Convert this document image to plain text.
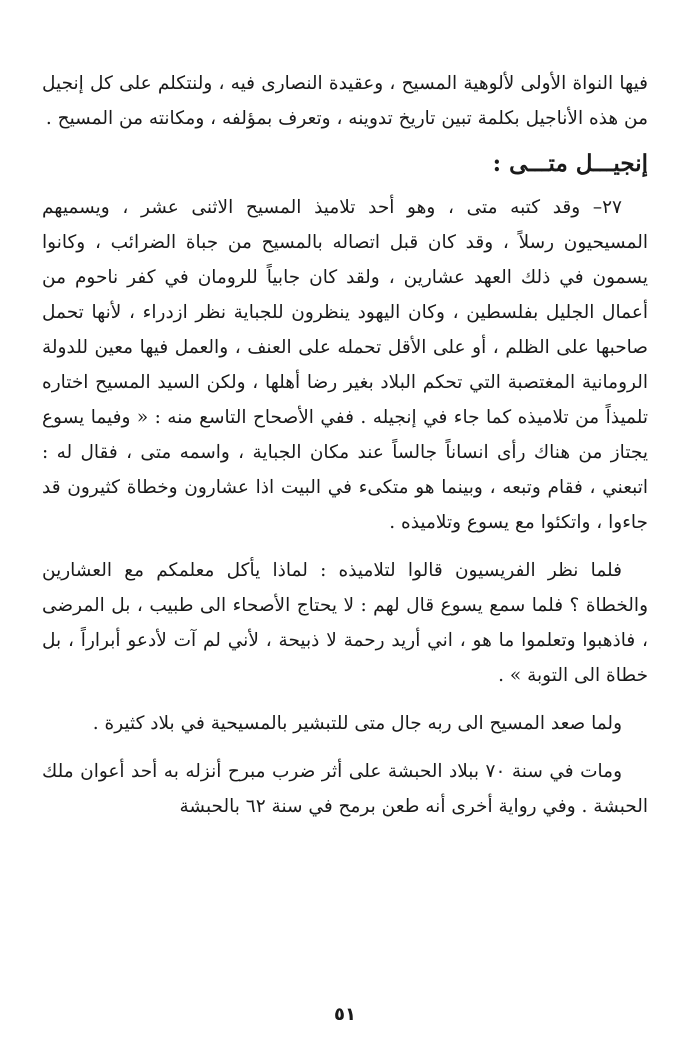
فيها النواة الأولى لألوهية المسيح ، وعقيدة النصارى فيه ، ولنتكلم على كل إنجيل من هذه الأناجيل بكلمة تبين تاريخ تدوينه ، وتعرف بمؤلفه ، ومكانته من المسيح .

إنجيـــل متـــى :

٢٧– وقد كتبه متى ، وهو أحد تلاميذ المسيح الاثنى عشر ، ويسميهم المسيحيون رسلاً ، وقد كان قبل اتصاله بالمسيح من جباة الضرائب ، وكانوا يسمون في ذلك العهد عشارين ، ولقد كان جابياً للرومان في كفر ناحوم من أعمال الجليل بفلسطين ، وكان اليهود ينظرون للجباية نظر ازدراء ، لأنها تحمل صاحبها على الظلم ، أو على الأقل تحمله على العنف ، والعمل فيها معين للدولة الرومانية المغتصبة التي تحكم البلاد بغير رضا أهلها ، ولكن السيد المسيح اختاره تلميذاً من تلاميذه كما جاء في إنجيله . ففي الأصحاح التاسع منه : « وفيما يسوع يجتاز من هناك رأى انساناً جالساً عند مكان الجباية ، واسمه متى ، فقال له : اتبعني ، فقام وتبعه ، وبينما هو متكىء في البيت اذا عشارون وخطاة كثيرون قد جاءوا ، واتكئوا مع يسوع وتلاميذه .

فلما نظر الفريسيون قالوا لتلاميذه : لماذا يأكل معلمكم مع العشارين والخطاة ؟ فلما سمع يسوع قال لهم : لا يحتاج الأصحاء الى طبيب ، بل المرضى ، فاذهبوا وتعلموا ما هو ، اني أريد رحمة لا ذبيحة ، لأني لم آت لأدعو أبراراً ، بل خطاة الى التوبة » .

ولما صعد المسيح الى ربه جال متى للتبشير بالمسيحية في بلاد كثيرة .

ومات في سنة ٧٠ ببلاد الحبشة على أثر ضرب مبرح أنزله به أحد أعوان ملك الحبشة . وفي رواية أخرى أنه طعن برمح في سنة ٦٢ بالحبشة

٥١
